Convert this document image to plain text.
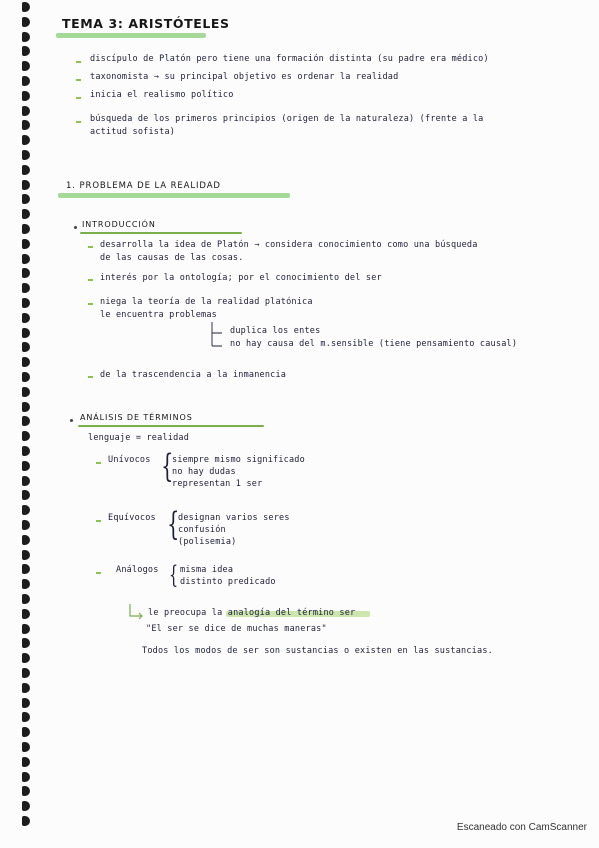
TEMA 3: ARISTÓTELES
discípulo de Platón pero tiene una formación distinta (su padre era médico)
taxonomista → su principal objetivo es ordenar la realidad
inicia el realismo político
búsqueda de los primeros principios (origen de la naturaleza) (frente a la
actitud sofista)
1. PROBLEMA DE LA REALIDAD
INTRODUCCIÓN
desarrolla la idea de Platón → considera conocimiento como una búsqueda
de las causas de las cosas.
interés por la ontología; por el conocimiento del ser
niega la teoría de la realidad platónica
le encuentra problemas
duplica los entes
no hay causa del m.sensible (tiene pensamiento causal)
de la trascendencia a la inmanencia
ANÁLISIS DE TÉRMINOS
lenguaje = realidad
Unívocos {
siempre mismo significado
no hay dudas
representan 1 ser
Equívocos {
designan varios seres
confusión
(polisemia)
Análogos { misma idea
distinto predicado
le preocupa la analogía del término ser
"El ser se dice de muchas maneras"
Todos los modos de ser son sustancias o existen en las sustancias.
Escaneado con CamScanner
